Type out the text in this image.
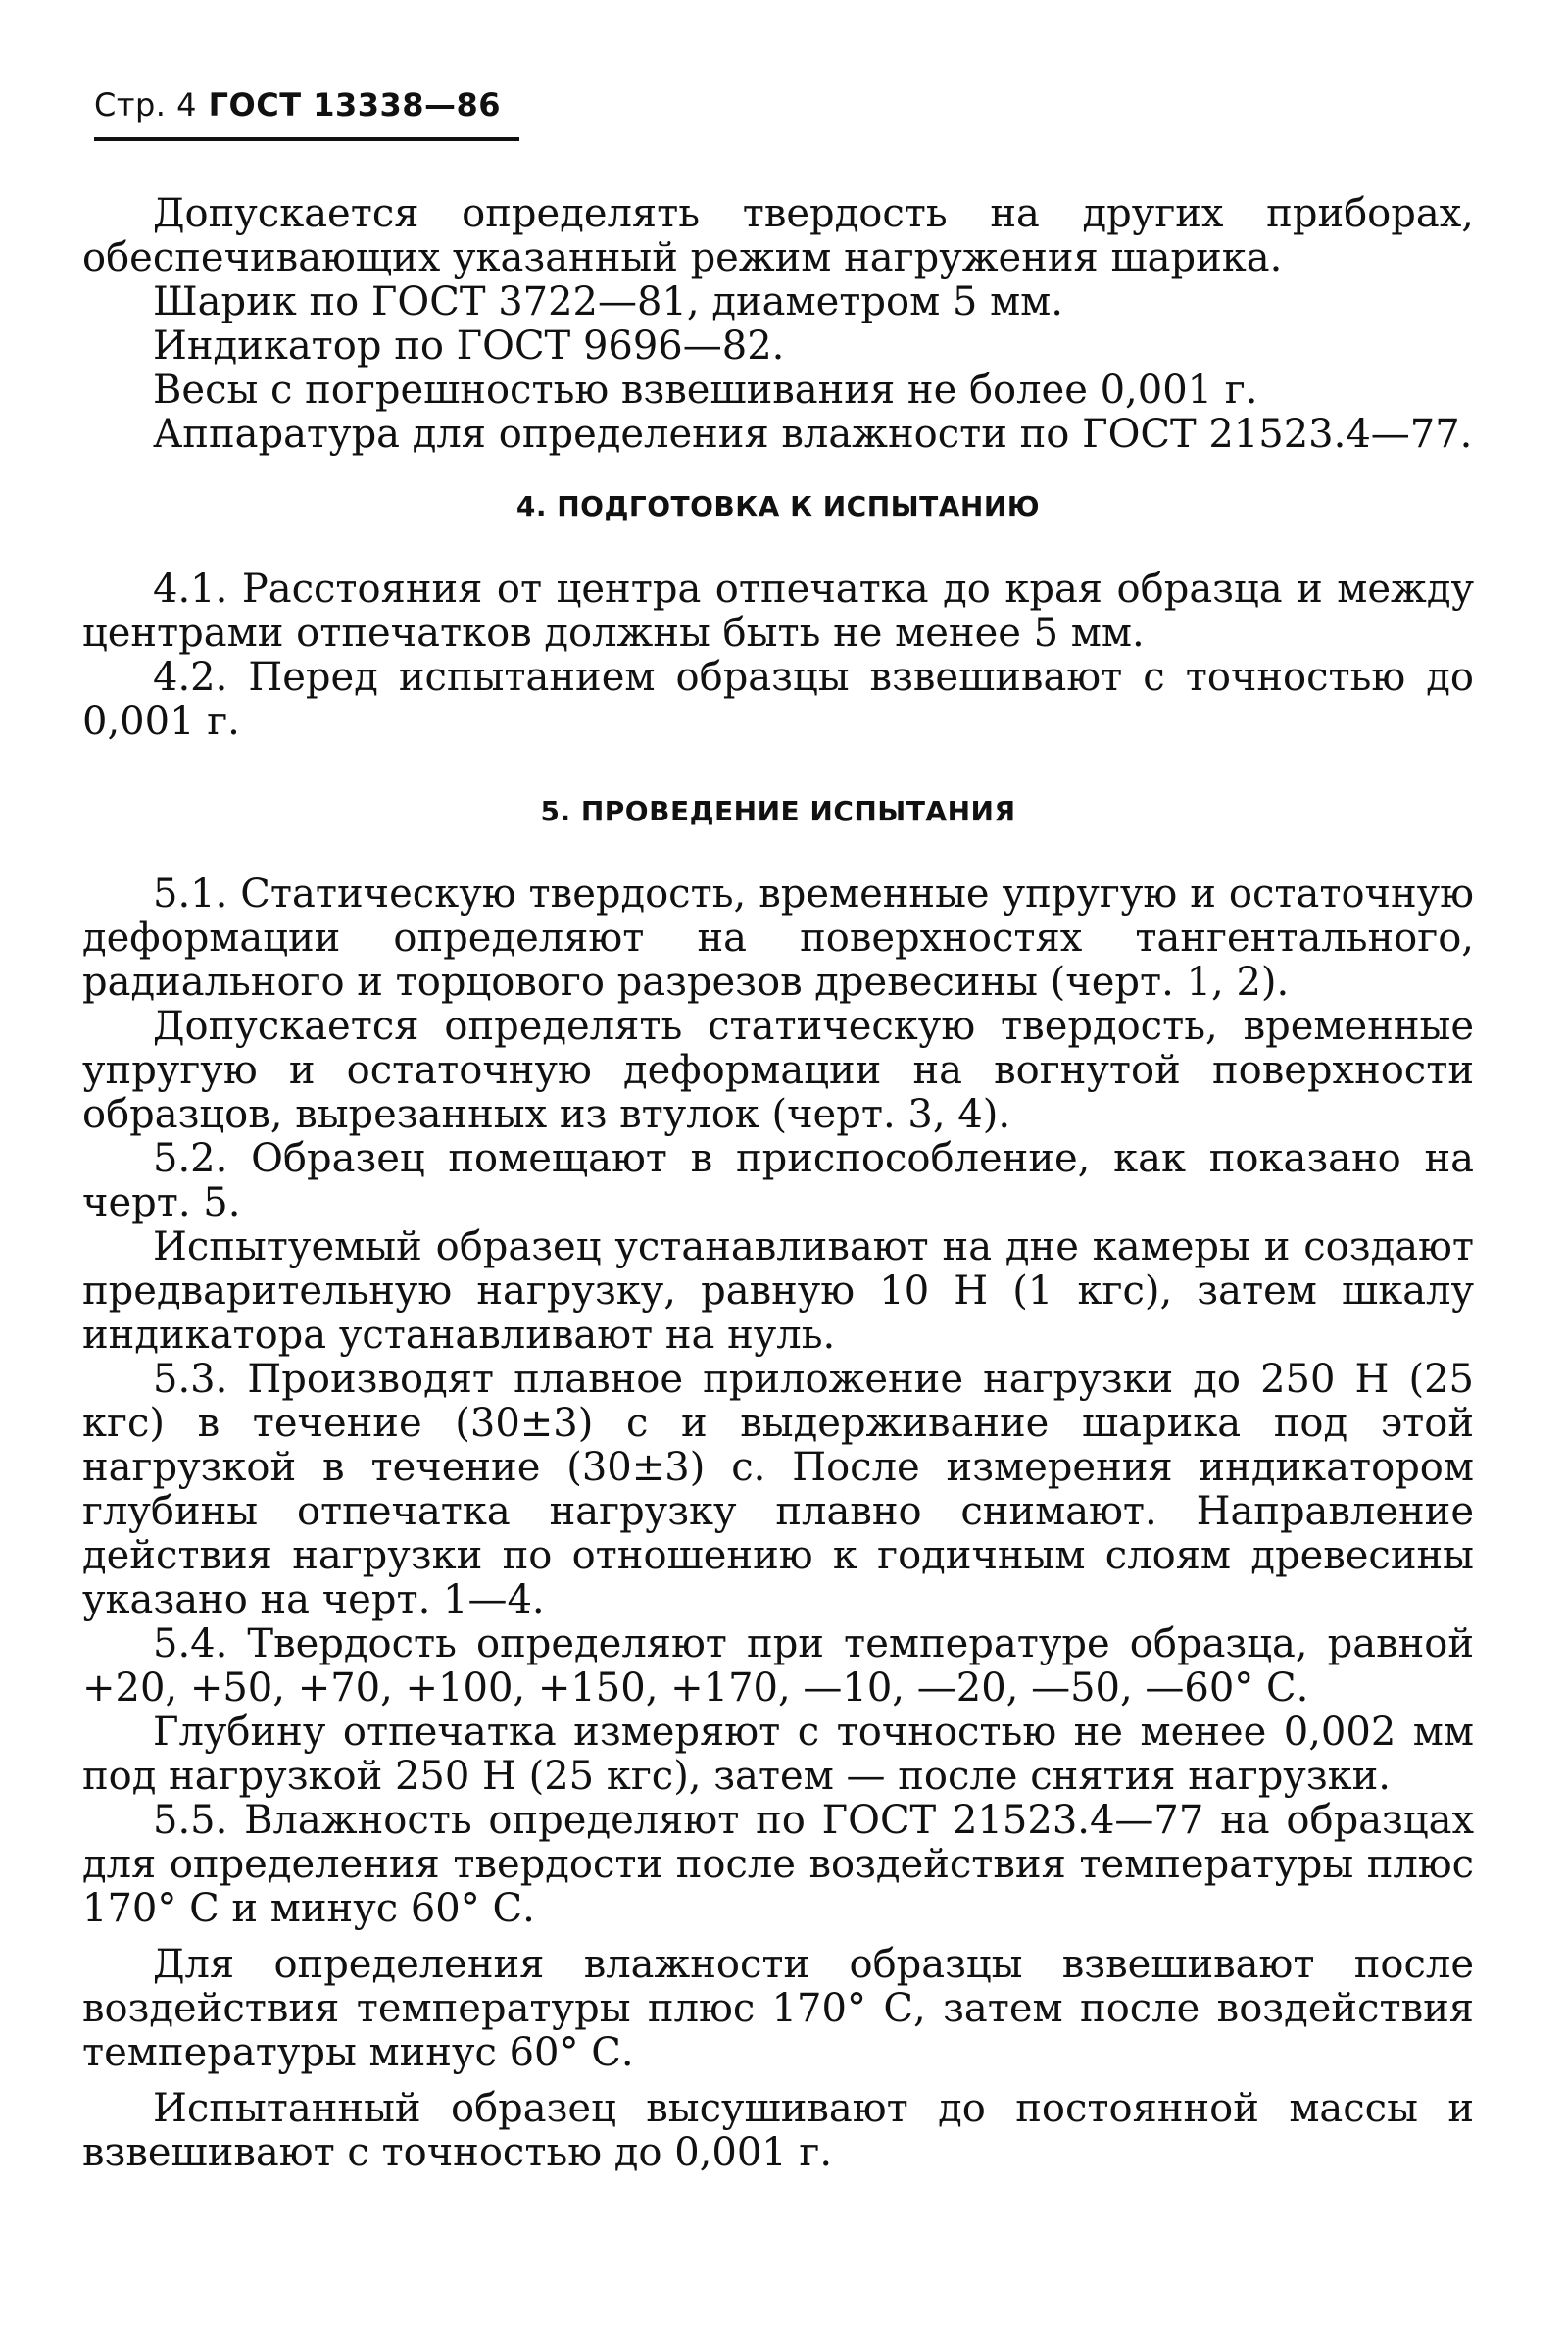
Стр. 4 ГОСТ 13338—86

Допускается определять твердость на других приборах, обеспечивающих указанный режим нагружения шарика.

Шарик по ГОСТ 3722—81, диаметром 5 мм.

Индикатор по ГОСТ 9696—82.

Весы с погрешностью взвешивания не более 0,001 г.

Аппаратура для определения влажности по ГОСТ 21523.4—77.

4. ПОДГОТОВКА К ИСПЫТАНИЮ

4.1. Расстояния от центра отпечатка до края образца и между центрами отпечатков должны быть не менее 5 мм.

4.2. Перед испытанием образцы взвешивают с точностью до 0,001 г.

5. ПРОВЕДЕНИЕ ИСПЫТАНИЯ

5.1. Статическую твердость, временные упругую и остаточную деформации определяют на поверхностях тангентального, радиального и торцового разрезов древесины (черт. 1, 2).

Допускается определять статическую твердость, временные упругую и остаточную деформации на вогнутой поверхности образцов, вырезанных из втулок (черт. 3, 4).

5.2. Образец помещают в приспособление, как показано на черт. 5.

Испытуемый образец устанавливают на дне камеры и создают предварительную нагрузку, равную 10 Н (1 кгс), затем шкалу индикатора устанавливают на нуль.

5.3. Производят плавное приложение нагрузки до 250 Н (25 кгс) в течение (30±3) с и выдерживание шарика под этой нагрузкой в течение (30±3) с. После измерения индикатором глубины отпечатка нагрузку плавно снимают. Направление действия нагрузки по отношению к годичным слоям древесины указано на черт. 1—4.

5.4. Твердость определяют при температуре образца, равной +20, +50, +70, +100, +150, +170, —10, —20, —50, —60° С.

Глубину отпечатка измеряют с точностью не менее 0,002 мм под нагрузкой 250 Н (25 кгс), затем — после снятия нагрузки.

5.5. Влажность определяют по ГОСТ 21523.4—77 на образцах для определения твердости после воздействия температуры плюс 170° С и минус 60° С.

Для определения влажности образцы взвешивают после воздействия температуры плюс 170° С, затем после воздействия температуры минус 60° С.

Испытанный образец высушивают до постоянной массы и взвешивают с точностью до 0,001 г.
